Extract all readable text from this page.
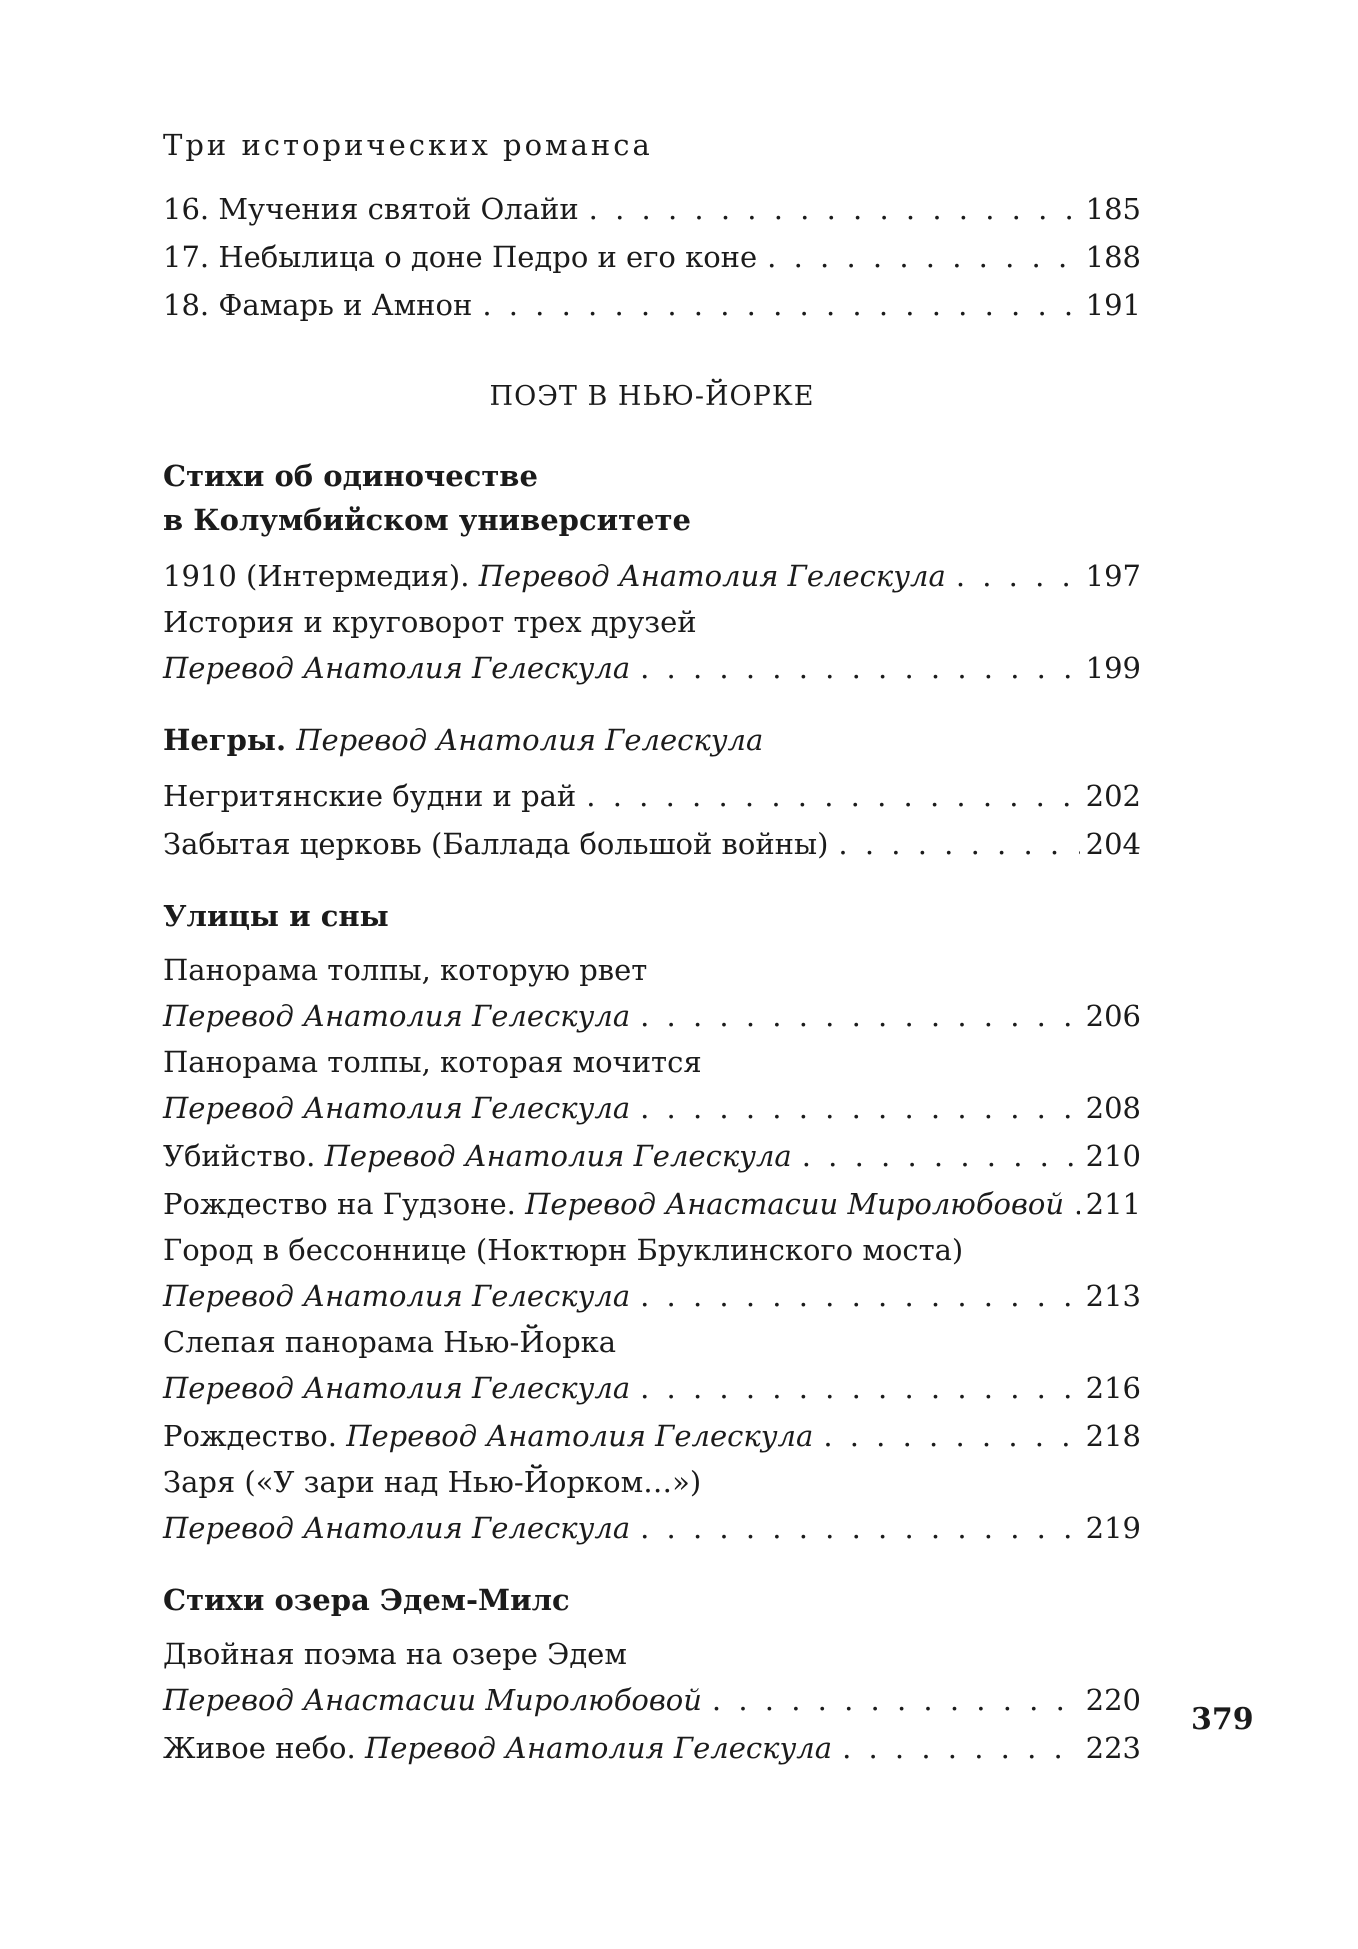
Три исторических романса
16. Мучения святой Олайи . . .	185
17. Небылица о доне Педро и его коне . . .	188
18. Фамарь и Амнон . . .	191
ПОЭТ В НЬЮ-ЙОРКЕ
Стихи об одиночестве
в Колумбийском университете
1910 (Интермедия). Перевод Анатолия Гелескула . . .	197
История и круговорот трех друзей
Перевод Анатолия Гелескула . . .	199
Негры. Перевод Анатолия Гелескула
Негритянские будни и рай . . .	202
Забытая церковь (Баллада большой войны) . . .	204
Улицы и сны
Панорама толпы, которую рвет
Перевод Анатолия Гелескула . . .	206
Панорама толпы, которая мочится
Перевод Анатолия Гелескула . . .	208
Убийство. Перевод Анатолия Гелескула . . .	210
Рождество на Гудзоне. Перевод Анастасии Миролюбовой . . . 211
Город в бессоннице (Ноктюрн Бруклинского моста)
Перевод Анатолия Гелескула . . .	213
Слепая панорама Нью-Йорка
Перевод Анатолия Гелескула . . .	216
Рождество. Перевод Анатолия Гелескула . . .	218
Заря («У зари над Нью-Йорком…»)
Перевод Анатолия Гелескула . . .	219
Стихи озера Эдем-Милс
Двойная поэма на озере Эдем
Перевод Анастасии Миролюбовой . . .	220
Живое небо. Перевод Анатолия Гелескула . . .	223
379
